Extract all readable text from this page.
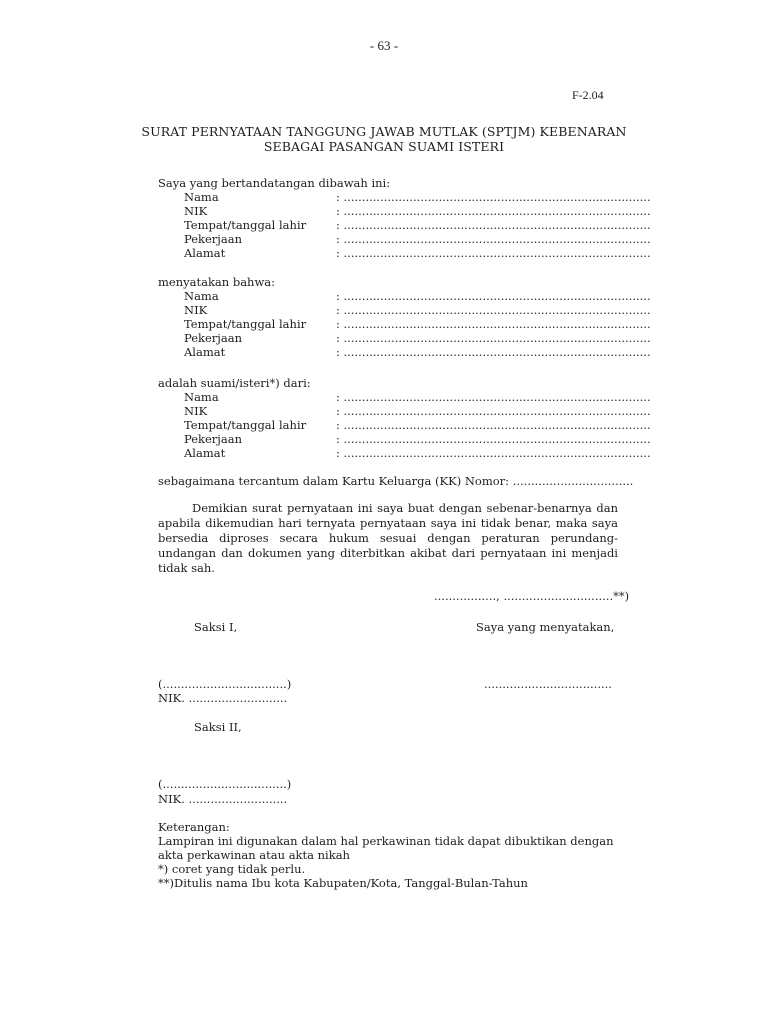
- 63 -
F-2.04
SURAT PERNYATAAN TANGGUNG JAWAB MUTLAK (SPTJM) KEBENARAN
SEBAGAI PASANGAN SUAMI ISTERI
Saya yang bertandatangan dibawah ini:
Nama	: ....................................................................................
NIK	: ....................................................................................
Tempat/tanggal lahir	: ....................................................................................
Pekerjaan	: ....................................................................................
Alamat	: ....................................................................................
menyatakan bahwa:
Nama	: ....................................................................................
NIK	: ....................................................................................
Tempat/tanggal lahir	: ....................................................................................
Pekerjaan	: ....................................................................................
Alamat	: ....................................................................................
adalah suami/isteri*) dari:
Nama	: ....................................................................................
NIK	: ....................................................................................
Tempat/tanggal lahir	: ....................................................................................
Pekerjaan	: ....................................................................................
Alamat	: ....................................................................................
sebagaimana tercantum dalam Kartu Keluarga (KK) Nomor: .................................
Demikian surat pernyataan ini saya buat dengan sebenar-benarnya dan
apabila dikemudian hari ternyata pernyataan saya ini tidak benar, maka saya
bersedia diproses secara hukum sesuai dengan peraturan perundang-
undangan dan dokumen yang diterbitkan akibat dari pernyataan ini menjadi
tidak sah.
................., ..............................**)
Saksi I,	Saya yang menyatakan,
(..................................)	...................................
NIK. ...........................
Saksi II,
(..................................)
NIK. ...........................
Keterangan:
Lampiran ini digunakan dalam hal perkawinan tidak dapat dibuktikan dengan
akta perkawinan atau akta nikah
*) coret yang tidak perlu.
**)Ditulis nama Ibu kota Kabupaten/Kota, Tanggal-Bulan-Tahun
